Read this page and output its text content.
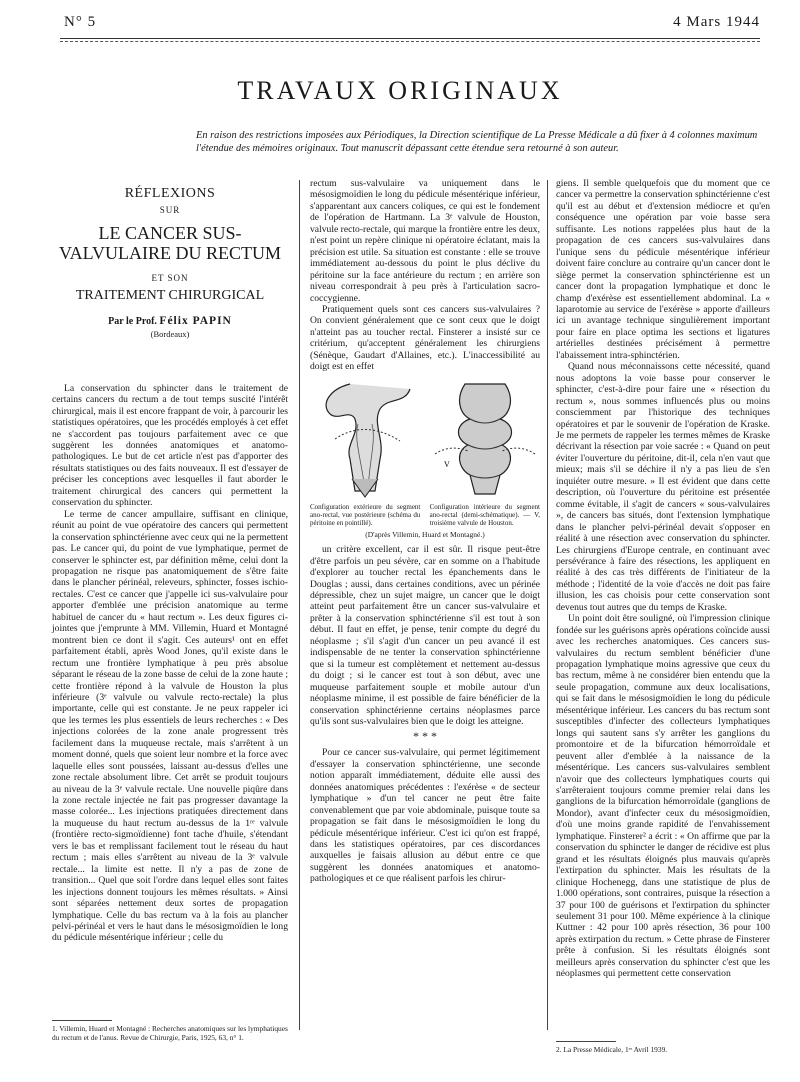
N° 5	4 Mars 1944
TRAVAUX ORIGINAUX
En raison des restrictions imposées aux Périodiques, la Direction scientifique de La Presse Médicale a dû fixer à 4 colonnes maximum l'étendue des mémoires originaux. Tout manuscrit dépassant cette étendue sera retourné à son auteur.
RÉFLEXIONS
SUR
LE CANCER SUS-VALVULAIRE DU RECTUM
ET SON
TRAITEMENT CHIRURGICAL
Par le Prof. Félix PAPIN
(Bordeaux)

La conservation du sphincter dans le traitement de certains cancers du rectum a de tout temps suscité l'intérêt chirurgical, mais il est encore frappant de voir, à parcourir les statistiques opératoires, que les procédés employés à cet effet ne s'accordent pas toujours parfaitement avec ce que suggèrent les données anatomiques et anatomo-pathologiques. Le but de cet article n'est pas d'apporter des résultats statistiques ou des faits nouveaux. Il est d'essayer de préciser les conceptions avec lesquelles il faut aborder le traitement chirurgical des cancers qui permettent la conservation du sphincter.

Le terme de cancer ampullaire, suffisant en clinique, réunit au point de vue opératoire des cancers qui permettent la conservation sphinctérienne avec ceux qui ne la permettent pas. Le cancer qui, du point de vue lymphatique, permet de conserver le sphincter est, par définition même, celui dont la propagation ne risque pas anatomiquement de s'être faite dans le plancher périnéal, releveurs, sphincter, fosses ischio-rectales. C'est ce cancer que j'appelle ici sus-valvulaire pour apporter d'emblée une précision anatomique au terme habituel de cancer du « haut rectum ». Les deux figures ci-jointes que j'emprunte à MM. Villemin, Huard et Montagné montrent bien ce dont il s'agit. Ces auteurs¹ ont en effet parfaitement établi, après Wood Jones, qu'il existe dans le rectum une frontière lymphatique à peu près absolue séparant le réseau de la zone basse de celui de la zone haute ; cette frontière répond à la valvule de Houston la plus inférieure (3ᵉ valvule ou valvule recto-rectale) la plus importante, celle qui est constante. Je ne peux rappeler ici que les termes les plus essentiels de leurs recherches : « Des injections colorées de la zone anale progressent très facilement dans la muqueuse rectale, mais s'arrêtent à un moment donné, quels que soient leur nombre et la force avec laquelle elles sont poussées, laissant au-dessus d'elles une zone rectale absolument libre. Cet arrêt se produit toujours au niveau de la 3ᵉ valvule rectale. Une nouvelle piqûre dans la zone rectale injectée ne fait pas progresser davantage la masse colorée... Les injections pratiquées directement dans la muqueuse du haut rectum au-dessus de la 1ʳᵉ valvule (frontière recto-sigmoïdienne) font tache d'huile, s'étendant vers le bas et remplissant facilement tout le réseau du haut rectum ; mais elles s'arrêtent au niveau de la 3ᵉ valvule rectale... la limite est nette. Il n'y a pas de zone de transition... Quel que soit l'ordre dans lequel elles sont faites les injections donnent toujours les mêmes résultats. » Ainsi sont séparées nettement deux sortes de propagation lymphatique. Celle du bas rectum va à la fois au plancher pelvi-périnéal et vers le haut dans le mésosigmoïdien le long du pédicule mésentérique inférieur ; celle du

rectum sus-valvulaire va uniquement dans le mésosigmoïdien le long du pédicule mésentérique inférieur, s'apparentant aux cancers coliques, ce qui est le fondement de l'opération de Hartmann. La 3ᵉ valvule de Houston, valvule recto-rectale, qui marque la frontière entre les deux, n'est point un repère clinique ni opératoire éclatant, mais la précision est utile. Sa situation est constante : elle se trouve immédiatement au-dessous du point le plus déclive du péritoine sur la face antérieure du rectum ; en arrière son niveau correspondrait à peu près à l'articulation sacro-coccygienne.

Pratiquement quels sont ces cancers sus-valvulaires ? On convient généralement que ce sont ceux que le doigt n'atteint pas au toucher rectal. Finsterer a insisté sur ce critérium, qu'acceptent généralement les chirurgiens (Sénèque, Gaudart d'Allaines, etc.). L'inaccessibilité au doigt est en effet

V
Configuration extérieure du segment ano-rectal, vue postérieure (schéma du péritoine en pointillé).
Configuration intérieure du segment ano-rectal (demi-schématique). — V, troisième valvule de Houston.
(D'après Villemin, Huard et Montagné.)

un critère excellent, car il est sûr. Il risque peut-être d'être parfois un peu sévère, car en somme on a l'habitude d'explorer au toucher rectal les épanchements dans le Douglas ; aussi, dans certaines conditions, avec un périnée dépressible, chez un sujet maigre, un cancer que le doigt atteint peut parfaitement être un cancer sus-valvulaire et prêter à la conservation sphinctérienne s'il est tout à son début. Il faut en effet, je pense, tenir compte du degré du néoplasme ; s'il s'agit d'un cancer un peu avancé il est indispensable de ne tenter la conservation sphinctérienne que si la tumeur est complètement et nettement au-dessus du doigt ; si le cancer est tout à son début, avec une muqueuse parfaitement souple et mobile autour d'un néoplasme minime, il est possible de faire bénéficier de la conservation sphinctérienne certains néoplasmes parce qu'ils sont sus-valvulaires bien que le doigt les atteigne.

* * *

Pour ce cancer sus-valvulaire, qui permet légitimement d'essayer la conservation sphinctérienne, une seconde notion apparaît immédiatement, déduite elle aussi des données anatomiques précédentes : l'exérèse « de secteur lymphatique » d'un tel cancer ne peut être faite convenablement que par voie abdominale, puisque toute sa propagation se fait dans le mésosigmoïdien le long du pédicule mésentérique inférieur. C'est ici qu'on est frappé, dans les statistiques opératoires, par ces discordances auxquelles je faisais allusion au début entre ce que suggèrent les données anatomiques et anatomo-pathologiques et ce que réalisent parfois les chirur-

giens. Il semble quelquefois que du moment que ce cancer va permettre la conservation sphinctérienne c'est qu'il est au début et d'extension médiocre et qu'en conséquence une opération par voie basse sera suffisante. Les notions rappelées plus haut de la propagation de ces cancers sus-valvulaires dans l'unique sens du pédicule mésentérique inférieur doivent faire conclure au contraire qu'un cancer dont le siège permet la conservation sphinctérienne est un cancer dont la propagation lymphatique et donc le champ d'exérèse est essentiellement abdominal. La « laparotomie au service de l'exérèse » apporte d'ailleurs ici un avantage technique singulièrement important pour faire en place optima les sections et ligatures artérielles destinées précisément à permettre l'abaissement intra-sphinctérien.

Quand nous méconnaissons cette nécessité, quand nous adoptons la voie basse pour conserver le sphincter, c'est-à-dire pour faire une « résection du rectum », nous sommes influencés plus ou moins consciemment par l'historique des techniques opératoires et par le souvenir de l'opération de Kraske. Je me permets de rappeler les termes mêmes de Kraske décrivant la résection par voie sacrée : « Quand on peut éviter l'ouverture du péritoine, dit-il, cela n'en vaut que mieux; mais s'il se déchire il n'y a pas lieu de s'en inquiéter outre mesure. » Il est évident que dans cette description, où l'ouverture du péritoine est présentée comme évitable, il s'agit de cancers « sous-valvulaires », de cancers bas situés, dont l'extension lymphatique dans le plancher pelvi-périnéal devait s'opposer en réalité à une résection avec conservation du sphincter. Les chirurgiens d'Europe centrale, en continuant avec persévérance à faire des résections, les appliquent en réalité à des cas très différents de l'initiateur de la méthode ; l'identité de la voie d'accès ne doit pas faire illusion, les cas choisis pour cette conservation sont devenus tout autres que du temps de Kraske.

Un point doit être souligné, où l'impression clinique fondée sur les guérisons après opérations coïncide aussi avec les recherches anatomiques. Ces cancers sus-valvulaires du rectum semblent bénéficier d'une propagation lymphatique moins agressive que ceux du bas rectum, même à ne considérer bien entendu que la seule propagation, commune aux deux localisations, qui se fait dans le mésosigmoïdien le long du pédicule mésentérique inférieur. Les cancers du bas rectum sont susceptibles d'infecter des collecteurs lymphatiques longs qui sautent sans s'y arrêter les ganglions du promontoire et de la bifurcation hémorroïdale et peuvent aller d'emblée à la naissance de la mésentérique. Les cancers sus-valvulaires semblent n'avoir que des collecteurs lymphatiques courts qui s'arrêteraient toujours comme premier relai dans les ganglions de la bifurcation hémorroïdale (ganglions de Mondor), avant d'infecter ceux du mésosigmoïdien, d'où une moins grande rapidité de l'envahissement lymphatique. Finsterer² a écrit : « On affirme que par la conservation du sphincter le danger de récidive est plus grand et les résultats éloignés plus mauvais qu'après l'extirpation du sphincter. Mais les résultats de la clinique Hochenegg, dans une statistique de plus de 1.000 opérations, sont contraires, puisque la résection a 37 pour 100 de guérisons et l'extirpation du sphincter seulement 31 pour 100. Même expérience à la clinique Kuttner : 42 pour 100 après résection, 36 pour 100 après extirpation du rectum. » Cette phrase de Finsterer prête à confusion. Si les résultats éloignés sont meilleurs après conservation du sphincter c'est que les néoplasmes qui permettent cette conservation

1. Villemin, Huard et Montagné : Recherches anatomiques sur les lymphatiques du rectum et de l'anus. Revue de Chirurgie, Paris, 1925, 63, n° 1.
2. La Presse Médicale, 1ᵉʳ Avril 1939.
